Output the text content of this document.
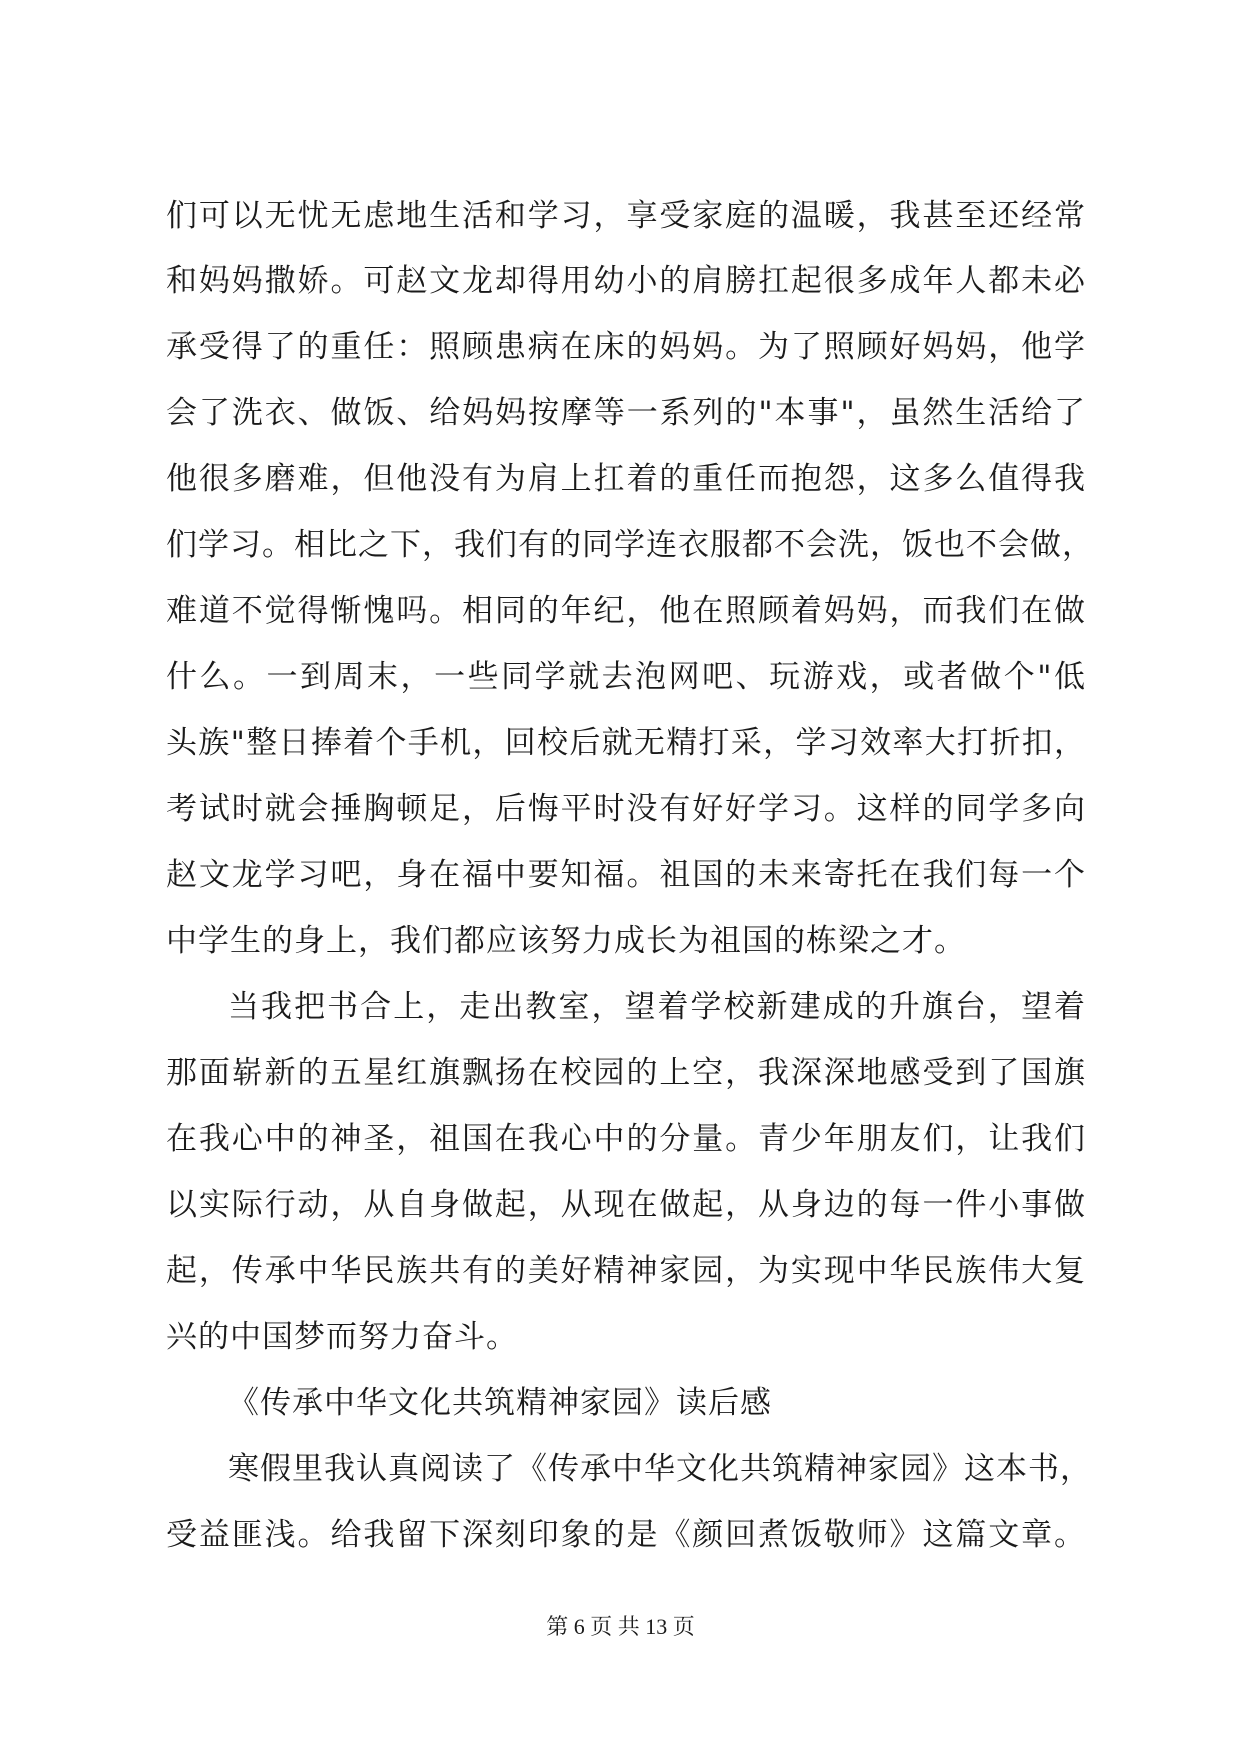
们可以无忧无虑地生活和学习，享受家庭的温暖，我甚至还经常
和妈妈撒娇。可赵文龙却得用幼小的肩膀扛起很多成年人都未必
承受得了的重任：照顾患病在床的妈妈。为了照顾好妈妈，他学
会了洗衣、做饭、给妈妈按摩等一系列的"本事"，虽然生活给了
他很多磨难，但他没有为肩上扛着的重任而抱怨，这多么值得我
们学习。相比之下，我们有的同学连衣服都不会洗，饭也不会做，
难道不觉得惭愧吗。相同的年纪，他在照顾着妈妈，而我们在做
什么。一到周末，一些同学就去泡网吧、玩游戏，或者做个"低
头族"整日捧着个手机，回校后就无精打采，学习效率大打折扣，
考试时就会捶胸顿足，后悔平时没有好好学习。这样的同学多向
赵文龙学习吧，身在福中要知福。祖国的未来寄托在我们每一个
中学生的身上，我们都应该努力成长为祖国的栋梁之才。
当我把书合上，走出教室，望着学校新建成的升旗台，望着
那面崭新的五星红旗飘扬在校园的上空，我深深地感受到了国旗
在我心中的神圣，祖国在我心中的分量。青少年朋友们，让我们
以实际行动，从自身做起，从现在做起，从身边的每一件小事做
起，传承中华民族共有的美好精神家园，为实现中华民族伟大复
兴的中国梦而努力奋斗。
《传承中华文化共筑精神家园》读后感
寒假里我认真阅读了《传承中华文化共筑精神家园》这本书，
受益匪浅。给我留下深刻印象的是《颜回煮饭敬师》这篇文章。
第 6 页 共 13 页
